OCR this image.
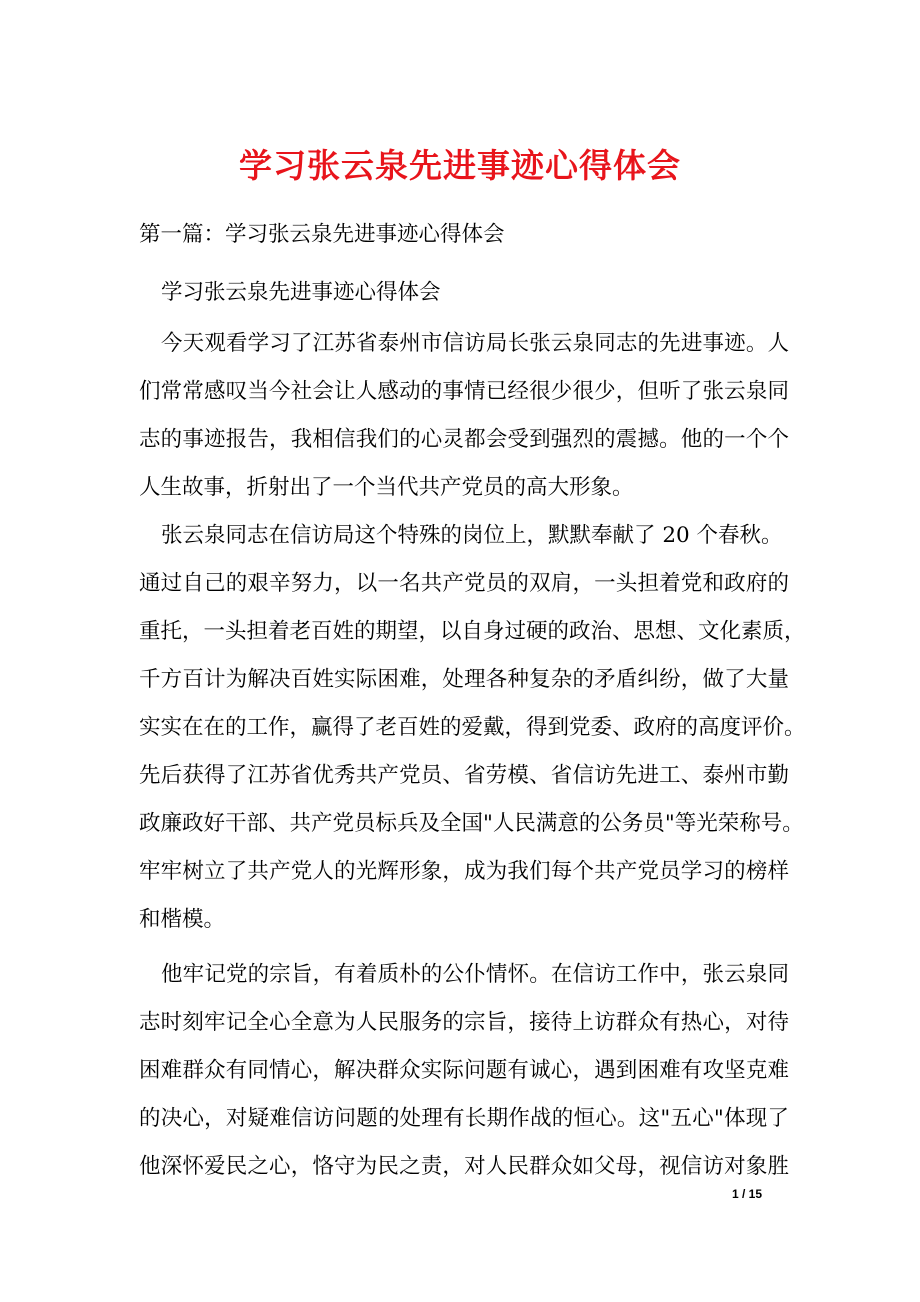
学习张云泉先进事迹心得体会
第一篇：学习张云泉先进事迹心得体会
学习张云泉先进事迹心得体会
今天观看学习了江苏省泰州市信访局长张云泉同志的先进事迹。人
们常常感叹当今社会让人感动的事情已经很少很少，但听了张云泉同
志的事迹报告，我相信我们的心灵都会受到强烈的震撼。他的一个个
人生故事，折射出了一个当代共产党员的高大形象。
张云泉同志在信访局这个特殊的岗位上，默默奉献了 20 个春秋。
通过自己的艰辛努力，以一名共产党员的双肩，一头担着党和政府的
重托，一头担着老百姓的期望，以自身过硬的政治、思想、文化素质，
千方百计为解决百姓实际困难，处理各种复杂的矛盾纠纷，做了大量
实实在在的工作，赢得了老百姓的爱戴，得到党委、政府的高度评价。
先后获得了江苏省优秀共产党员、省劳模、省信访先进工、泰州市勤
政廉政好干部、共产党员标兵及全国"人民满意的公务员"等光荣称号。
牢牢树立了共产党人的光辉形象，成为我们每个共产党员学习的榜样
和楷模。
他牢记党的宗旨，有着质朴的公仆情怀。在信访工作中，张云泉同
志时刻牢记全心全意为人民服务的宗旨，接待上访群众有热心，对待
困难群众有同情心，解决群众实际问题有诚心，遇到困难有攻坚克难
的决心，对疑难信访问题的处理有长期作战的恒心。这"五心"体现了
他深怀爱民之心，恪守为民之责，对人民群众如父母，视信访对象胜
1 / 15
